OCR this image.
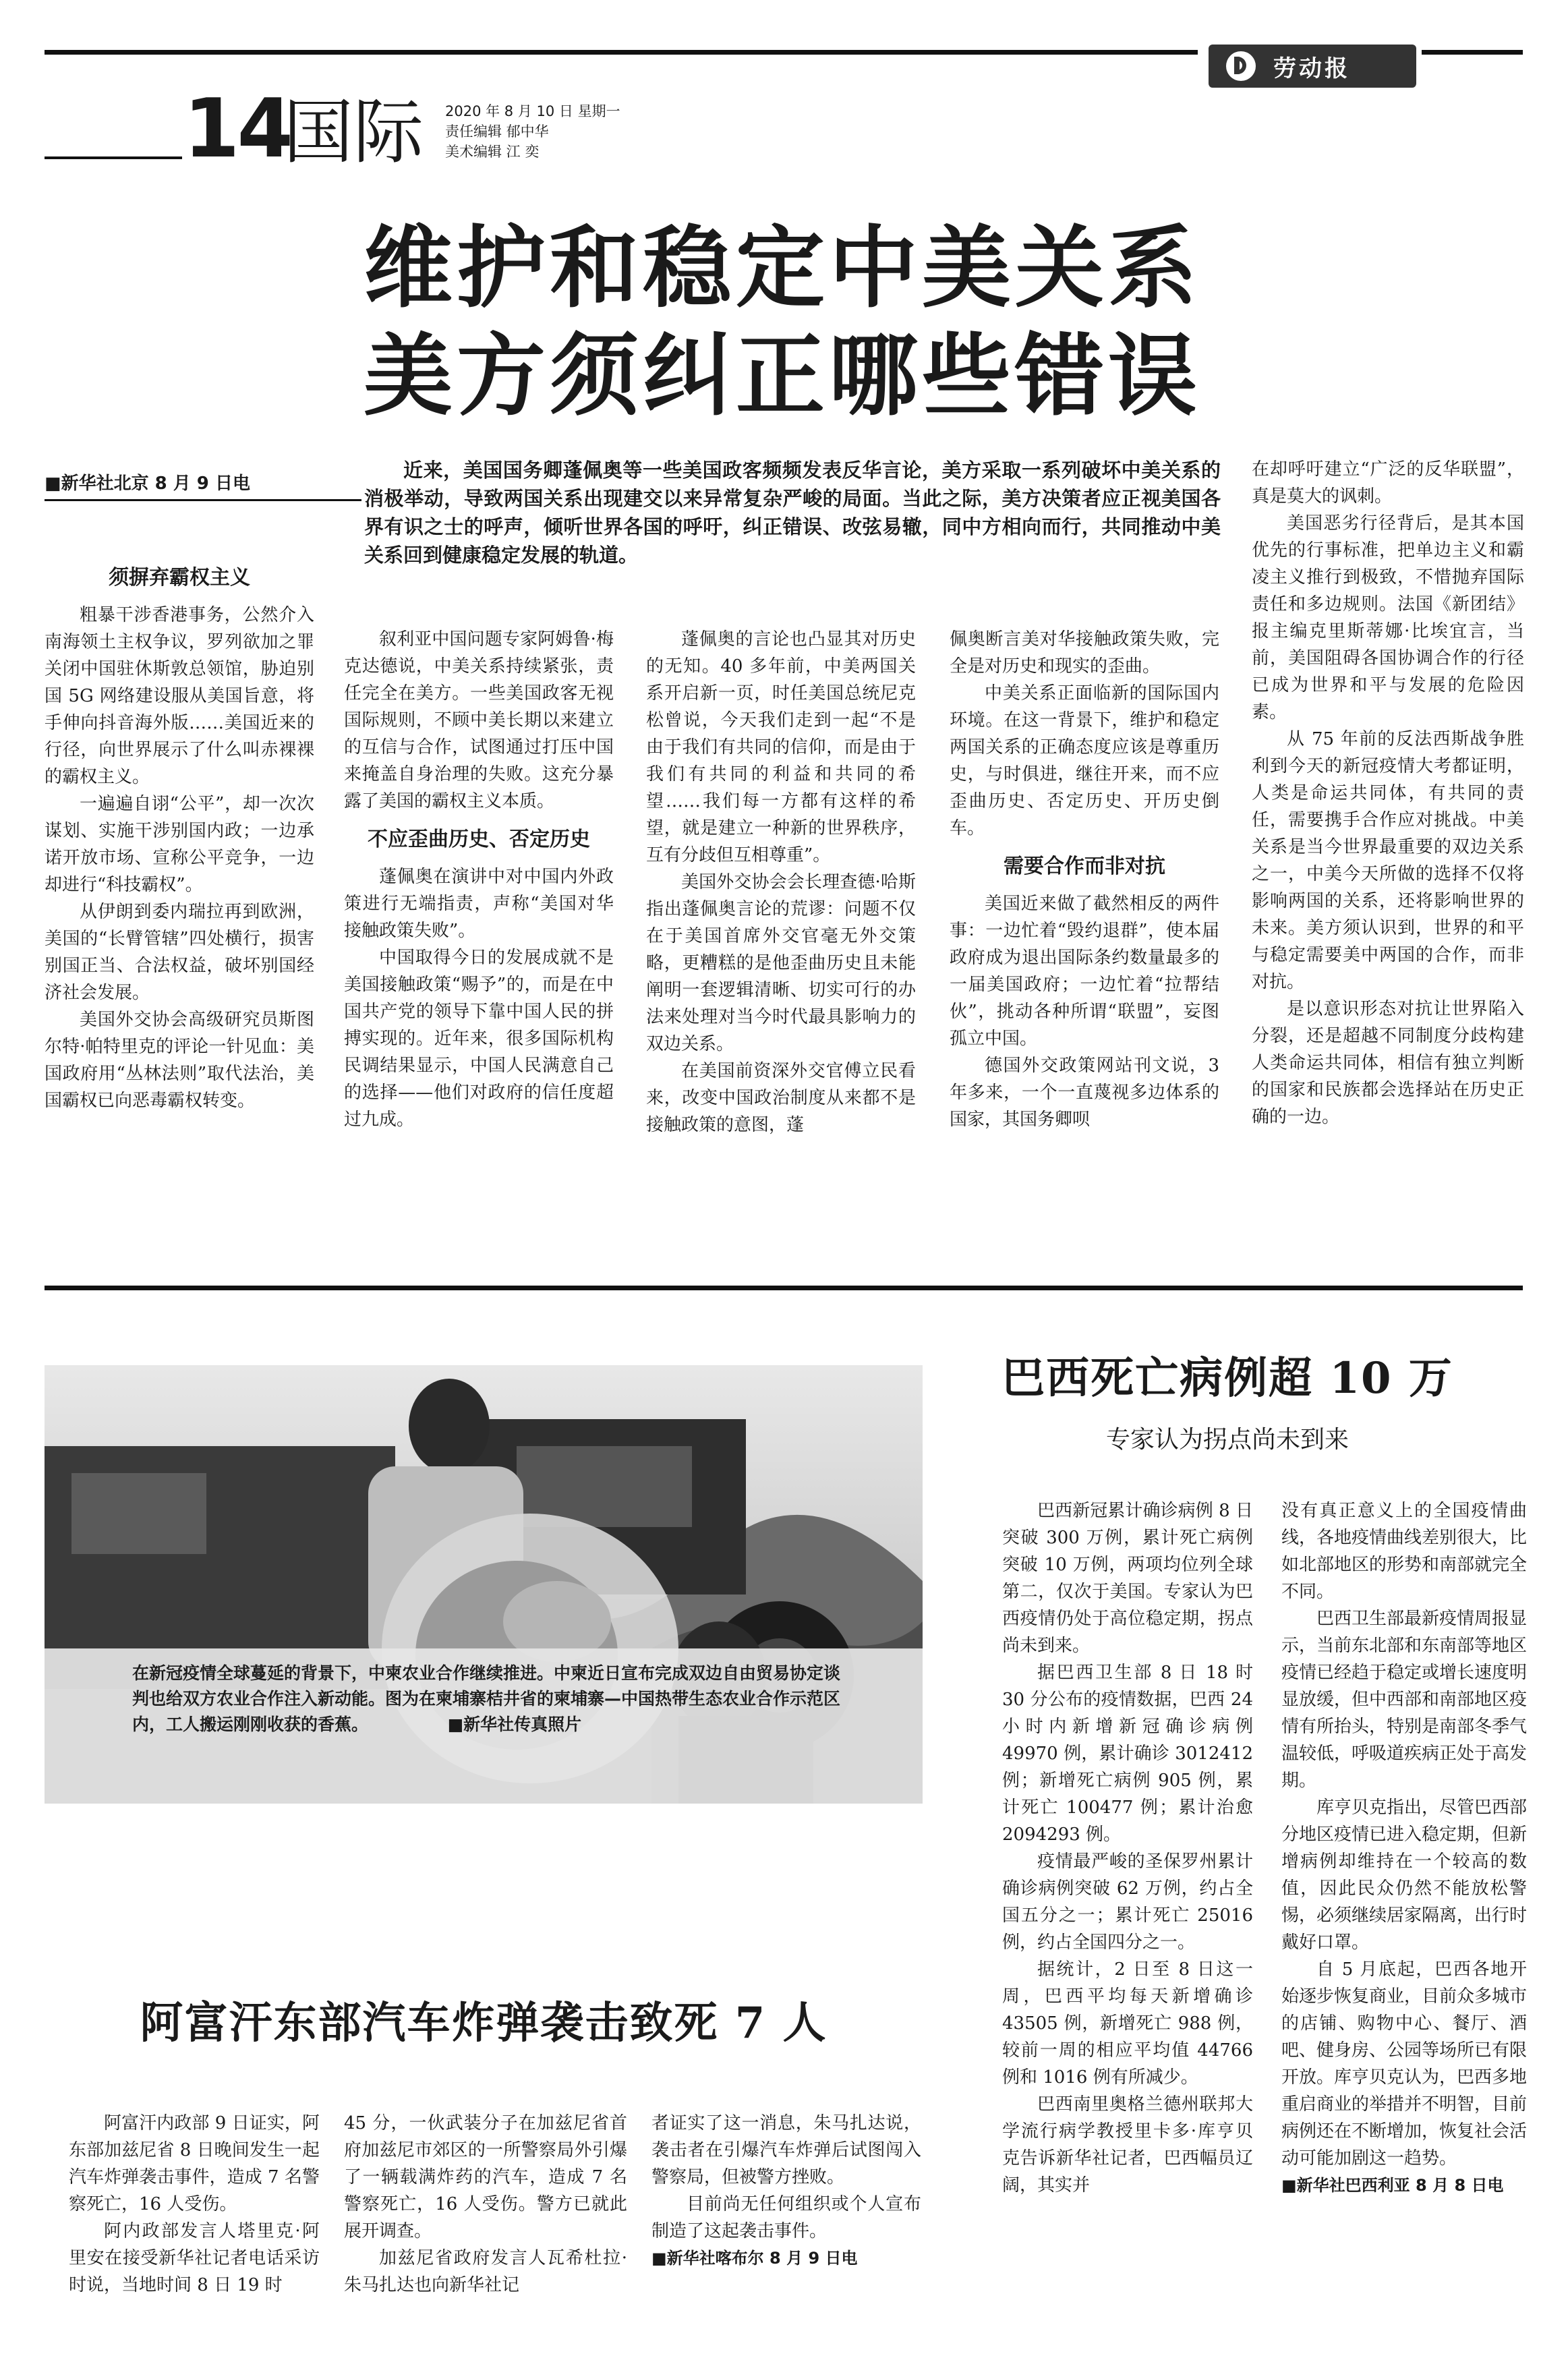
劳动报
14
国际 2020 年 8 月 10 日 星期一
责任编辑 郁中华
美术编辑 江 奕
维护和稳定中美关系
美方须纠正哪些错误
■新华社北京 8 月 9 日电
近来，美国国务卿蓬佩奥等一些美国政客频频发表反华言论，美方采取一系列破坏中美关系的消极举动，导致两国关系出现建交以来异常复杂严峻的局面。当此之际，美方决策者应正视美国各界有识之士的呼声，倾听世界各国的呼吁，纠正错误、改弦易辙，同中方相向而行，共同推动中美关系回到健康稳定发展的轨道。

须摒弃霸权主义

粗暴干涉香港事务，公然介入南海领土主权争议，罗列欲加之罪关闭中国驻休斯敦总领馆，胁迫别国 5G 网络建设服从美国旨意，将手伸向抖音海外版……美国近来的行径，向世界展示了什么叫赤裸裸的霸权主义。

一遍遍自诩“公平”，却一次次谋划、实施干涉别国内政；一边承诺开放市场、宣称公平竞争，一边却进行“科技霸权”。

从伊朗到委内瑞拉再到欧洲，美国的“长臂管辖”四处横行，损害别国正当、合法权益，破坏别国经济社会发展。

美国外交协会高级研究员斯图尔特·帕特里克的评论一针见血：美国政府用“丛林法则”取代法治，美国霸权已向恶毒霸权转变。

叙利亚中国问题专家阿姆鲁·梅克达德说，中美关系持续紧张，责任完全在美方。一些美国政客无视国际规则，不顾中美长期以来建立的互信与合作，试图通过打压中国来掩盖自身治理的失败。这充分暴露了美国的霸权主义本质。

不应歪曲历史、否定历史

蓬佩奥在演讲中对中国内外政策进行无端指责，声称“美国对华接触政策失败”。

中国取得今日的发展成就不是美国接触政策“赐予”的，而是在中国共产党的领导下靠中国人民的拼搏实现的。近年来，很多国际机构民调结果显示，中国人民满意自己的选择——他们对政府的信任度超过九成。

蓬佩奥的言论也凸显其对历史的无知。40 多年前，中美两国关系开启新一页，时任美国总统尼克松曾说，今天我们走到一起“不是由于我们有共同的信仰，而是由于我们有共同的利益和共同的希望……我们每一方都有这样的希望，就是建立一种新的世界秩序，互有分歧但互相尊重”。

美国外交协会会长理查德·哈斯指出蓬佩奥言论的荒谬：问题不仅在于美国首席外交官毫无外交策略，更糟糕的是他歪曲历史且未能阐明一套逻辑清晰、切实可行的办法来处理对当今时代最具影响力的双边关系。

在美国前资深外交官傅立民看来，改变中国政治制度从来都不是接触政策的意图，蓬

佩奥断言美对华接触政策失败，完全是对历史和现实的歪曲。

中美关系正面临新的国际国内环境。在这一背景下，维护和稳定两国关系的正确态度应该是尊重历史，与时俱进，继往开来，而不应歪曲历史、否定历史、开历史倒车。

需要合作而非对抗

美国近来做了截然相反的两件事：一边忙着“毁约退群”，使本届政府成为退出国际条约数量最多的一届美国政府；一边忙着“拉帮结伙”，挑动各种所谓“联盟”，妄图孤立中国。

德国外交政策网站刊文说，3 年多来，一个一直蔑视多边体系的国家，其国务卿呗

在却呼吁建立“广泛的反华联盟”，真是莫大的讽刺。

美国恶劣行径背后，是其本国优先的行事标准，把单边主义和霸凌主义推行到极致，不惜抛弃国际责任和多边规则。法国《新团结》报主编克里斯蒂娜·比埃宜言，当前，美国阻碍各国协调合作的行径已成为世界和平与发展的危险因素。

从 75 年前的反法西斯战争胜利到今天的新冠疫情大考都证明，人类是命运共同体，有共同的责任，需要携手合作应对挑战。中美关系是当今世界最重要的双边关系之一，中美今天所做的选择不仅将影响两国的关系，还将影响世界的未来。美方须认识到，世界的和平与稳定需要美中两国的合作，而非对抗。

是以意识形态对抗让世界陷入分裂，还是超越不同制度分歧构建人类命运共同体，相信有独立判断的国家和民族都会选择站在历史正确的一边。

在新冠疫情全球蔓延的背景下，中柬农业合作继续推进。中柬近日宣布完成双边自由贸易协定谈判也给双方农业合作注入新动能。图为在柬埔寨桔井省的柬埔寨—中国热带生态农业合作示范区内，工人搬运刚刚收获的香蕉。	■新华社传真照片
巴西死亡病例超 10 万
专家认为拐点尚未到来

巴西新冠累计确诊病例 8 日突破 300 万例，累计死亡病例突破 10 万例，两项均位列全球第二，仅次于美国。专家认为巴西疫情仍处于高位稳定期，拐点尚未到来。

据巴西卫生部 8 日 18 时 30 分公布的疫情数据，巴西 24 小时内新增新冠确诊病例 49970 例，累计确诊 3012412 例；新增死亡病例 905 例，累计死亡 100477 例；累计治愈 2094293 例。

疫情最严峻的圣保罗州累计确诊病例突破 62 万例，约占全国五分之一；累计死亡 25016 例，约占全国四分之一。

据统计，2 日至 8 日这一周，巴西平均每天新增确诊 43505 例，新增死亡 988 例，较前一周的相应平均值 44766 例和 1016 例有所减少。

巴西南里奥格兰德州联邦大学流行病学教授里卡多·库亨贝克告诉新华社记者，巴西幅员辽阔，其实并

没有真正意义上的全国疫情曲线，各地疫情曲线差别很大，比如北部地区的形势和南部就完全不同。

巴西卫生部最新疫情周报显示，当前东北部和东南部等地区疫情已经趋于稳定或增长速度明显放缓，但中西部和南部地区疫情有所抬头，特别是南部冬季气温较低，呼吸道疾病正处于高发期。

库亨贝克指出，尽管巴西部分地区疫情已进入稳定期，但新增病例却维持在一个较高的数值，因此民众仍然不能放松警惕，必须继续居家隔离，出行时戴好口罩。

自 5 月底起，巴西各地开始逐步恢复商业，目前众多城市的店铺、购物中心、餐厅、酒吧、健身房、公园等场所已有限开放。库亨贝克认为，巴西多地重启商业的举措并不明智，目前病例还在不断增加，恢复社会活动可能加剧这一趋势。

■新华社巴西利亚 8 月 8 日电

阿富汗东部汽车炸弹袭击致死 7 人

阿富汗内政部 9 日证实，阿东部加兹尼省 8 日晚间发生一起汽车炸弹袭击事件，造成 7 名警察死亡，16 人受伤。

阿内政部发言人塔里克·阿里安在接受新华社记者电话采访时说，当地时间 8 日 19 时

45 分，一伙武装分子在加兹尼省首府加兹尼市郊区的一所警察局外引爆了一辆载满炸药的汽车，造成 7 名警察死亡，16 人受伤。警方已就此展开调查。

加兹尼省政府发言人瓦希杜拉·朱马扎达也向新华社记

者证实了这一消息，朱马扎达说，袭击者在引爆汽车炸弹后试图闯入警察局，但被警方挫败。

目前尚无任何组织或个人宣布制造了这起袭击事件。

■新华社喀布尔 8 月 9 日电
